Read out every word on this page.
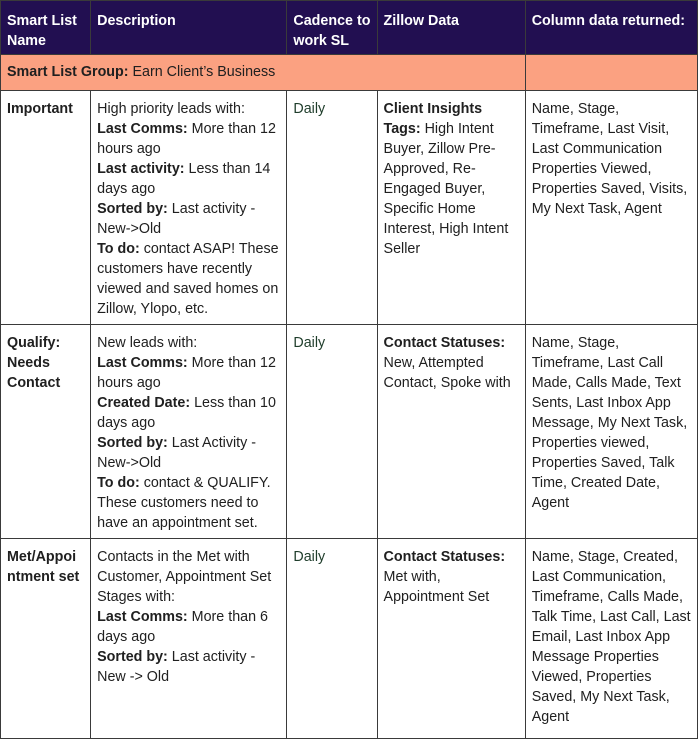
Smart List Name	Description	Cadence to work SL	Zillow Data	Column data returned:
Smart List Group: Earn Client’s Business				
Important	High priority leads with:
Last Comms: More than 12 hours ago
Last activity: Less than 14 days ago
Sorted by: Last activity - New->Old
To do: contact ASAP! These customers have recently viewed and saved homes on Zillow, Ylopo, etc.	Daily	Client Insights
Tags: High Intent Buyer, Zillow Pre-Approved, Re-Engaged Buyer, Specific Home Interest, High Intent Seller	Name, Stage, Timeframe, Last Visit, Last Communication Properties Viewed, Properties Saved, Visits, My Next Task, Agent
Qualify: Needs Contact	New leads with:
Last Comms: More than 12 hours ago
Created Date: Less than 10 days ago
Sorted by: Last Activity - New->Old
To do: contact & QUALIFY. These customers need to have an appointment set.	Daily	Contact Statuses: New, Attempted Contact, Spoke with	Name, Stage, Timeframe, Last Call Made, Calls Made, Text Sents, Last Inbox App Message, My Next Task, Properties viewed, Properties Saved, Talk Time, Created Date, Agent
Met/Appointment set	Contacts in the Met with Customer, Appointment Set Stages with:
Last Comms: More than 6 days ago
Sorted by: Last activity - New -> Old	Daily	Contact Statuses: Met with, Appointment Set	Name, Stage, Created, Last Communication, Timeframe, Calls Made, Talk Time, Last Call, Last Email, Last Inbox App Message Properties Viewed, Properties Saved, My Next Task, Agent
